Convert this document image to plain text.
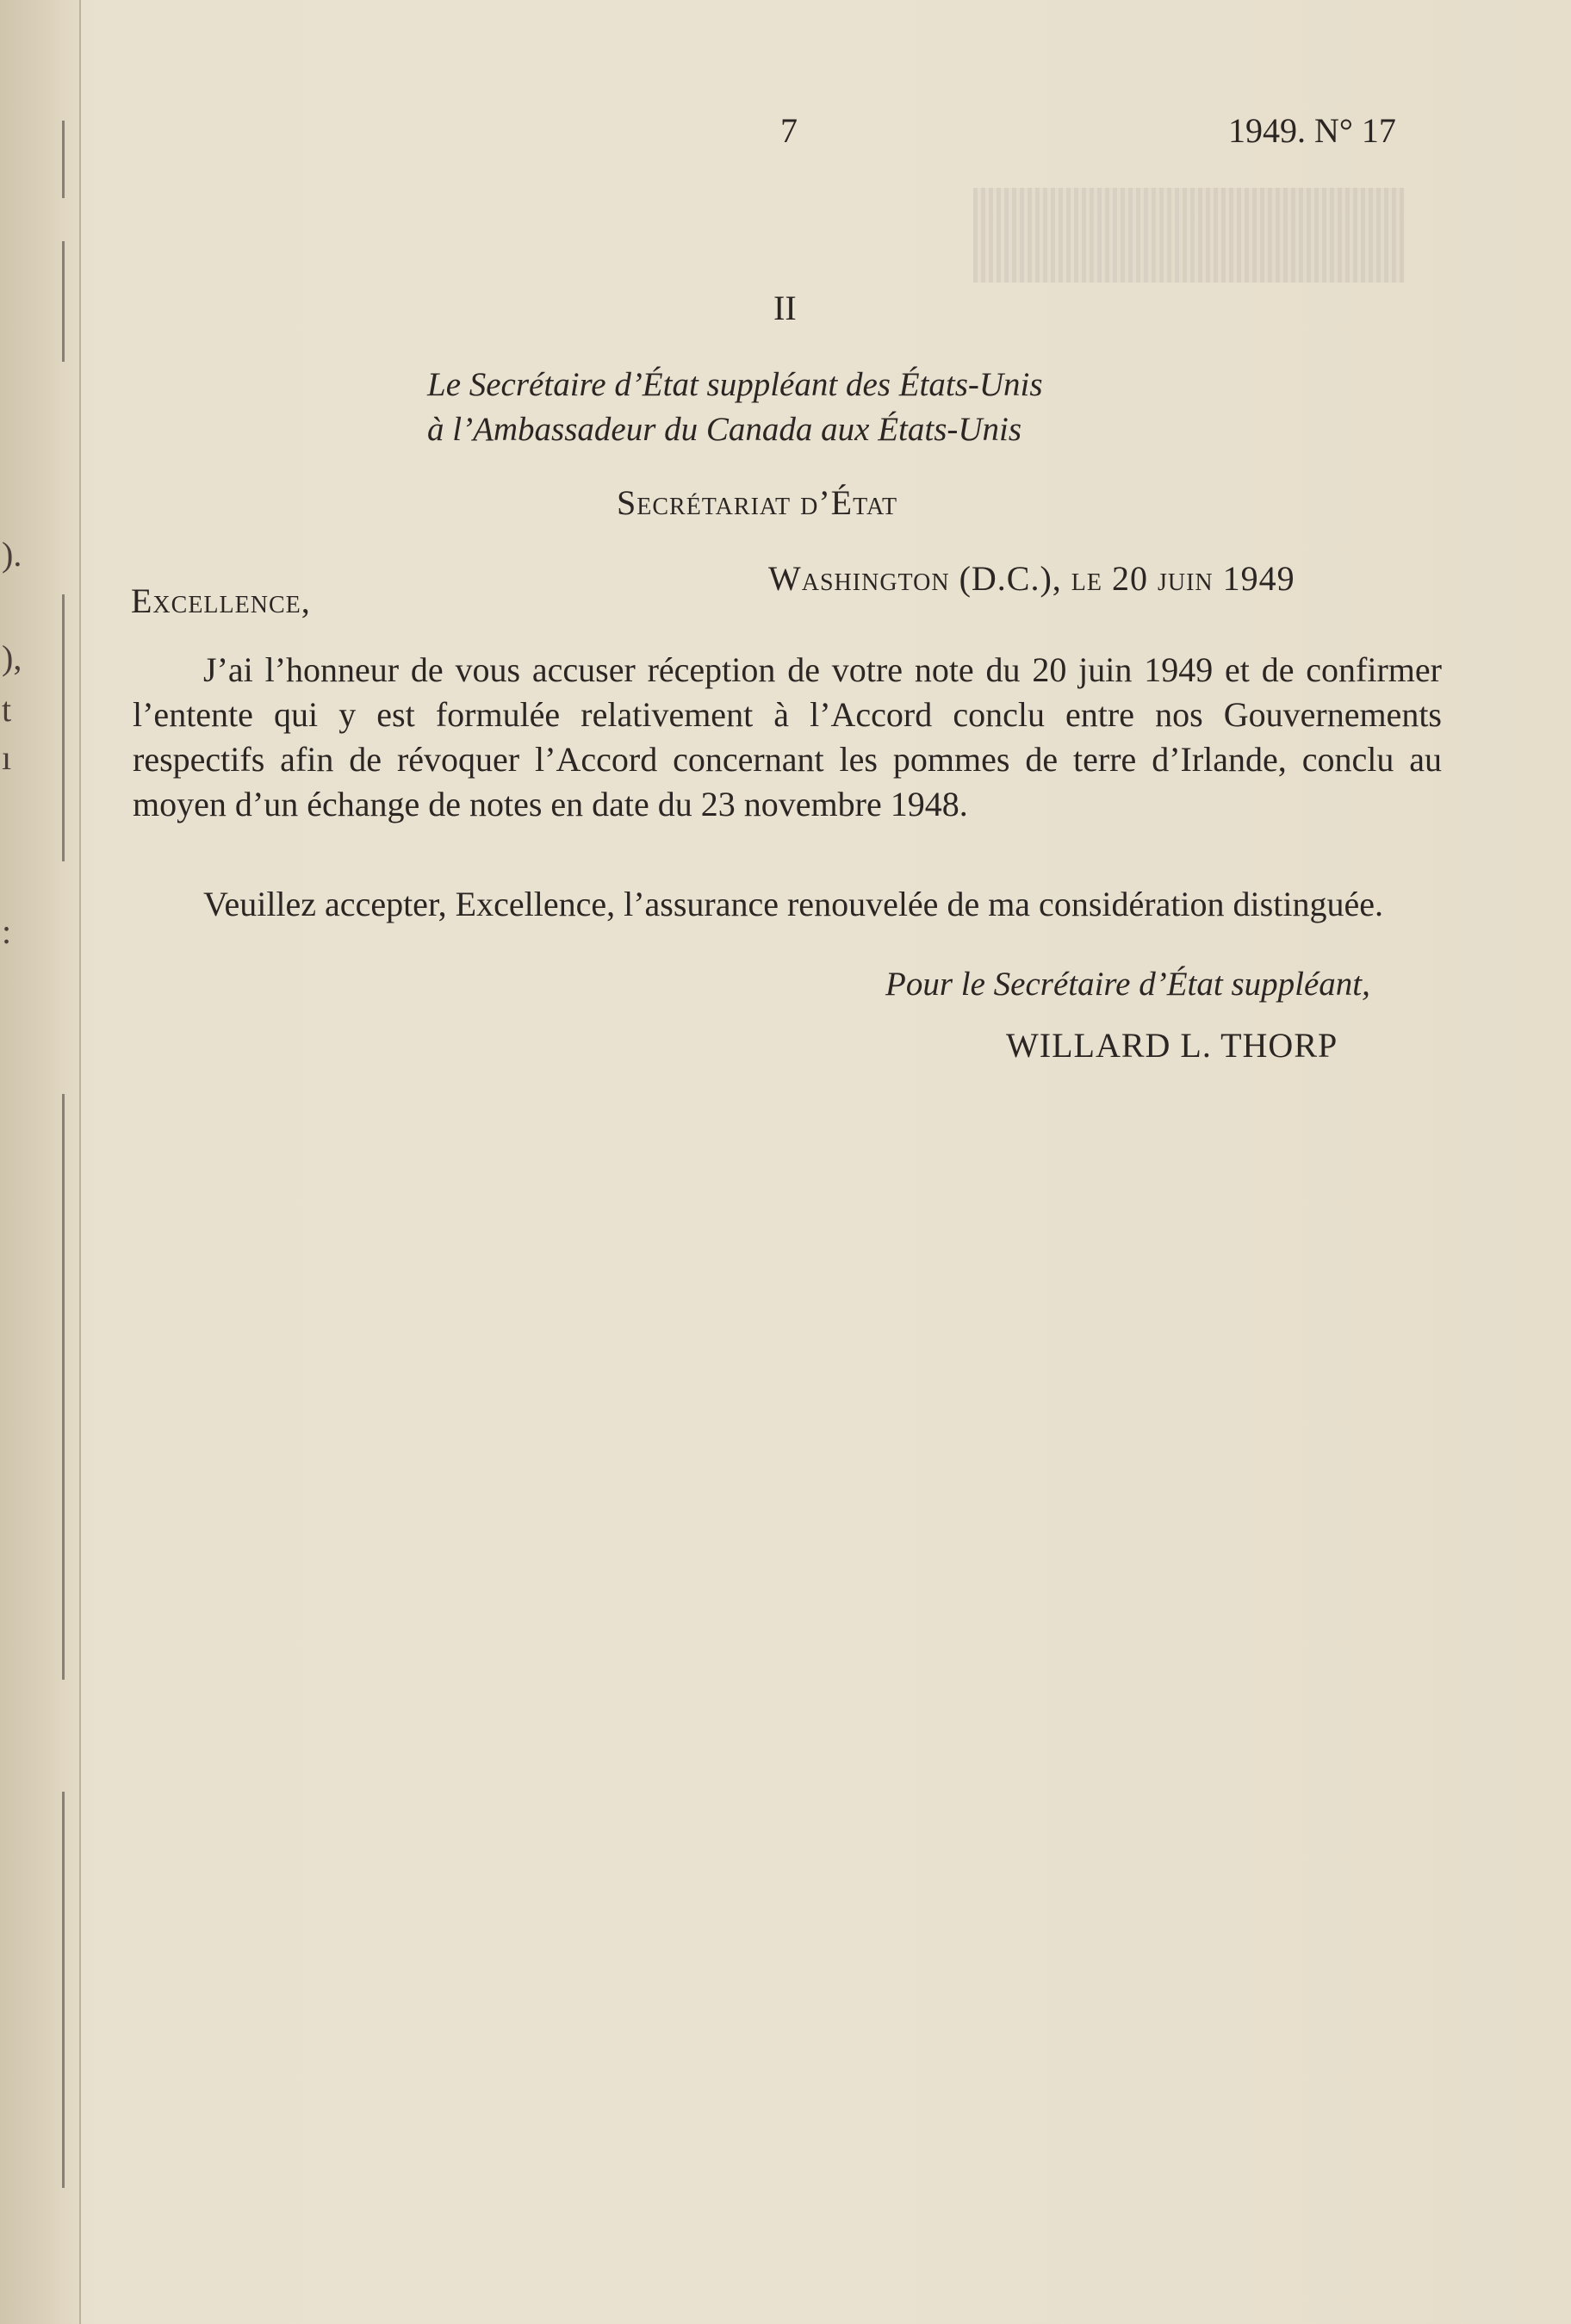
).
),
t
ı
:
7	1949. N° 17
II
Le Secrétaire d’État suppléant des États-Unis
à l’Ambassadeur du Canada aux États-Unis
Secrétariat d’État
Washington (D.C.), le 20 juin 1949
Excellence,
J’ai l’honneur de vous accuser réception de votre note du 20 juin 1949 et de confirmer l’entente qui y est formulée relativement à l’Accord conclu entre nos Gouvernements respectifs afin de révoquer l’Accord concernant les pommes de terre d’Irlande, conclu au moyen d’un échange de notes en date du 23 novembre 1948.
Veuillez accepter, Excellence, l’assurance renouvelée de ma considération distinguée.
Pour le Secrétaire d’État suppléant,
WILLARD L. THORP
